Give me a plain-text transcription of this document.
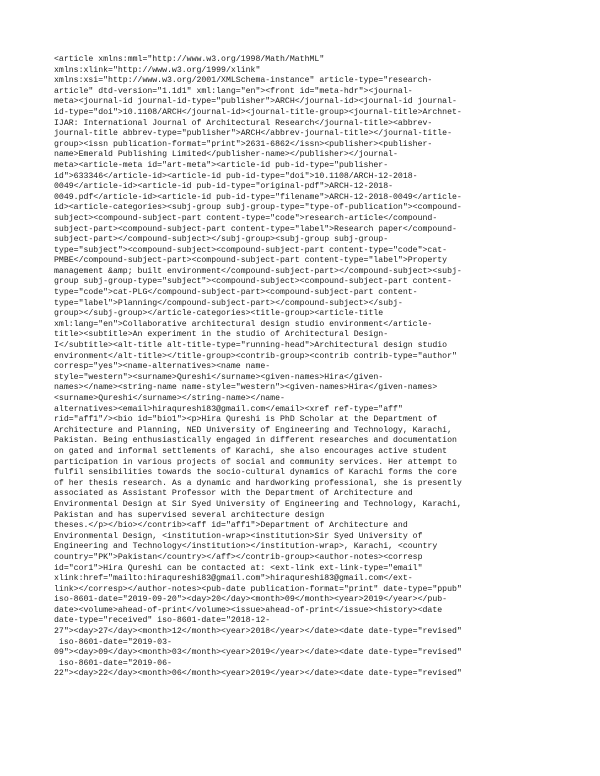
<article xmlns:mml="http://www.w3.org/1998/Math/MathML"
xmlns:xlink="http://www.w3.org/1999/xlink"
xmlns:xsi="http://www.w3.org/2001/XMLSchema-instance" article-type="research-
article" dtd-version="1.1d1" xml:lang="en"><front id="meta-hdr"><journal-
meta><journal-id journal-id-type="publisher">ARCH</journal-id><journal-id journal-
id-type="doi">10.1108/ARCH</journal-id><journal-title-group><journal-title>Archnet-
IJAR: International Journal of Architectural Research</journal-title><abbrev-
journal-title abbrev-type="publisher">ARCH</abbrev-journal-title></journal-title-
group><issn publication-format="print">2631-6862</issn><publisher><publisher-
name>Emerald Publishing Limited</publisher-name></publisher></journal-
meta><article-meta id="art-meta"><article-id pub-id-type="publisher-
id">633346</article-id><article-id pub-id-type="doi">10.1108/ARCH-12-2018-
0049</article-id><article-id pub-id-type="original-pdf">ARCH-12-2018-
0049.pdf</article-id><article-id pub-id-type="filename">ARCH-12-2018-0049</article-
id><article-categories><subj-group subj-group-type="type-of-publication"><compound-
subject><compound-subject-part content-type="code">research-article</compound-
subject-part><compound-subject-part content-type="label">Research paper</compound-
subject-part></compound-subject></subj-group><subj-group subj-group-
type="subject"><compound-subject><compound-subject-part content-type="code">cat-
PMBE</compound-subject-part><compound-subject-part content-type="label">Property
management &amp; built environment</compound-subject-part></compound-subject><subj-
group subj-group-type="subject"><compound-subject><compound-subject-part content-
type="code">cat-PLG</compound-subject-part><compound-subject-part content-
type="label">Planning</compound-subject-part></compound-subject></subj-
group></subj-group></article-categories><title-group><article-title
xml:lang="en">Collaborative architectural design studio environment</article-
title><subtitle>An experiment in the studio of Architectural Design-
I</subtitle><alt-title alt-title-type="running-head">Architectural design studio
environment</alt-title></title-group><contrib-group><contrib contrib-type="author"
corresp="yes"><name-alternatives><name name-
style="western"><surname>Qureshi</surname><given-names>Hira</given-
names></name><string-name name-style="western"><given-names>Hira</given-names>
<surname>Qureshi</surname></string-name></name-
alternatives><email>hiraqureshi83@gmail.com</email><xref ref-type="aff"
rid="aff1"/><bio id="bio1"><p>Hira Qureshi is PhD Scholar at the Department of
Architecture and Planning, NED University of Engineering and Technology, Karachi,
Pakistan. Being enthusiastically engaged in different researches and documentation
on gated and informal settlements of Karachi, she also encourages active student
participation in various projects of social and community services. Her attempt to
fulfil sensibilities towards the socio-cultural dynamics of Karachi forms the core
of her thesis research. As a dynamic and hardworking professional, she is presently
associated as Assistant Professor with the Department of Architecture and
Environmental Design at Sir Syed University of Engineering and Technology, Karachi,
Pakistan and has supervised several architecture design
theses.</p></bio></contrib><aff id="aff1">Department of Architecture and
Environmental Design, <institution-wrap><institution>Sir Syed University of
Engineering and Technology</institution></institution-wrap>, Karachi, <country
country="PK">Pakistan</country></aff></contrib-group><author-notes><corresp
id="cor1">Hira Qureshi can be contacted at: <ext-link ext-link-type="email"
xlink:href="mailto:hiraqureshi83@gmail.com">hiraqureshi83@gmail.com</ext-
link></corresp></author-notes><pub-date publication-format="print" date-type="ppub"
iso-8601-date="2019-09-20"><day>20</day><month>09</month><year>2019</year></pub-
date><volume>ahead-of-print</volume><issue>ahead-of-print</issue><history><date
date-type="received" iso-8601-date="2018-12-
27"><day>27</day><month>12</month><year>2018</year></date><date date-type="revised"
iso-8601-date="2019-03-
09"><day>09</day><month>03</month><year>2019</year></date><date date-type="revised"
iso-8601-date="2019-06-
22"><day>22</day><month>06</month><year>2019</year></date><date date-type="revised"
